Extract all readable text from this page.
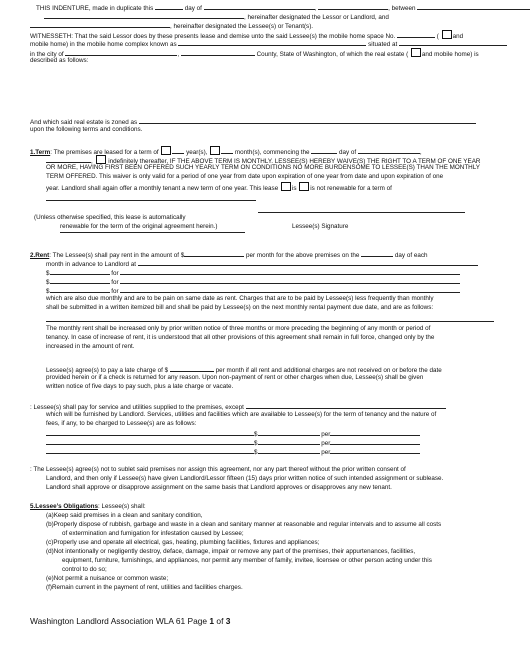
THIS INDENTURE, made in duplicate this	day of	,	, between
, hereinafter designated the Lessor or Landlord, and
, hereinafter designated the Lessee(s) or Tenant(s).
WITNESSETH: That the said Lessor does by these presents lease and demise unto the said Lessee(s) the mobile home space No.	( and
mobile home) in the mobile home complex known as	situated at
in the city of	,	County, State of Washington, of which the real estate ( and mobile home) is
described as follows:
And which said real estate is zoned as
upon the following terms and conditions.
1.Term: The premises are leased for a term of	year(s),	month(s), commencing the	day of	,
,  indefinitely thereafter, IF THE ABOVE TERM IS MONTHLY. LESSEE(S) HEREBY WAIVE(S) THE RIGHT TO A TERM OF ONE YEAR
OR MORE, HAVING FIRST BEEN OFFERED SUCH YEARLY TERM ON CONDITIONS NO MORE BURDENSOME TO LESSEE(S) THAN THE MONTHLY
TERM OFFERED. This waiver is only valid for a period of one year from date upon expiration of one year from date and upon expiration of one
year. Landlord shall again offer a monthly tenant a new term of one year. This lease is is not renewable for a term of
(Unless otherwise specified, this lease is automatically
renewable for the term of the original agreement herein.)	Lessee(s) Signature
2.Rent: The Lessee(s) shall pay rent in the amount of $	per month for the above premises on the	day of each
month in advance to Landlord at
$	for
$	for
$	for
which are also due monthly and are to be pain on same date as rent. Charges that are to be paid by Lessee(s) less frequently than monthly
shall be submitted in a written itemized bill and shall be paid by Lessee(s) on the next monthly rental payment due date, and are as follows:
The monthly rent shall be increased only by prior written notice of three months or more preceding the beginning of any month or period of
tenancy. In case of increase of rent, it is understood that all other provisions of this agreement shall remain in full force, changed only by the
increased in the amount of rent.
Lessee(s) agree(s) to pay a late charge of $	per month if all rent and additional charges are not received on or before the date
provided herein or if a check is returned for any reason. Upon non-payment of rent or other charges when due, Lessee(s) shall be given
written notice of five days to pay such, plus a late charge or vacate.
: Lessee(s) shall pay for service and utilities supplied to the premises, except
which will be furnished by Landlord. Services, utilities and facilities which are available to Lessee(s) for the term of tenancy and the nature of
fees, if any, to be charged to Lessee(s) are as follows:
$	per
$	per
$	per
: The Lessee(s) agree(s) not to sublet said premises nor assign this agreement, nor any part thereof without the prior written consent of
Landlord, and then only if Lessee(s) have given Landlord/Lessor fifteen (15) days prior written notice of such intended assignment or sublease.
Landlord shall approve or disapprove assignment on the same basis that Landlord approves or disapproves any new tenant.
5.Lessee’s Obligations: Lessee(s) shall:
(a)Keep said premises in a clean and sanitary condition,
(b)Properly dispose of rubbish, garbage and waste in a clean and sanitary manner at reasonable and regular intervals and to assume all costs
of extermination and fumigation for infestation caused by Lessee;
(c)Properly use and operate all electrical, gas, heating, plumbing facilities, fixtures and appliances;
(d)Not intentionally or negligently destroy, deface, damage, impair or remove any part of the premises, their appurtenances, facilities,
equipment, furniture, furnishings, and appliances, nor permit any member of family, invitee, licensee or other person acting under this
control to do so;
(e)Not permit a nuisance or common waste;
(f)Remain current in the payment of rent, utilities and facilities charges.
Washington Landlord Association WLA 61 Page 1 of 3
